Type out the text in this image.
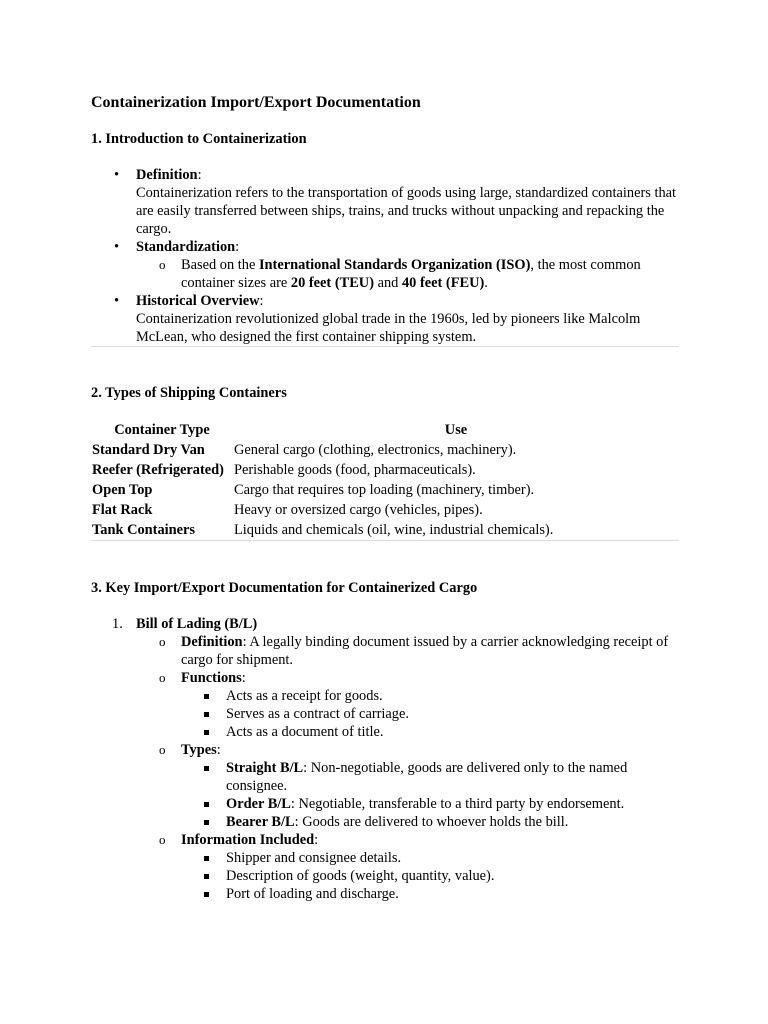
Containerization Import/Export Documentation
1. Introduction to Containerization
• Definition:
Containerization refers to the transportation of goods using large, standardized containers that are easily transferred between ships, trains, and trucks without unpacking and repacking the cargo.
• Standardization:
o Based on the International Standards Organization (ISO), the most common container sizes are 20 feet (TEU) and 40 feet (FEU).
• Historical Overview:
Containerization revolutionized global trade in the 1960s, led by pioneers like Malcolm McLean, who designed the first container shipping system.
2. Types of Shipping Containers
Container Type	Use
Standard Dry Van	General cargo (clothing, electronics, machinery).
Reefer (Refrigerated)	Perishable goods (food, pharmaceuticals).
Open Top	Cargo that requires top loading (machinery, timber).
Flat Rack	Heavy or oversized cargo (vehicles, pipes).
Tank Containers	Liquids and chemicals (oil, wine, industrial chemicals).
3. Key Import/Export Documentation for Containerized Cargo
1. Bill of Lading (B/L)
o Definition: A legally binding document issued by a carrier acknowledging receipt of cargo for shipment.
o Functions:
Acts as a receipt for goods.
Serves as a contract of carriage.
Acts as a document of title.
o Types:
Straight B/L: Non-negotiable, goods are delivered only to the named consignee.
Order B/L: Negotiable, transferable to a third party by endorsement.
Bearer B/L: Goods are delivered to whoever holds the bill.
o Information Included:
Shipper and consignee details.
Description of goods (weight, quantity, value).
Port of loading and discharge.
